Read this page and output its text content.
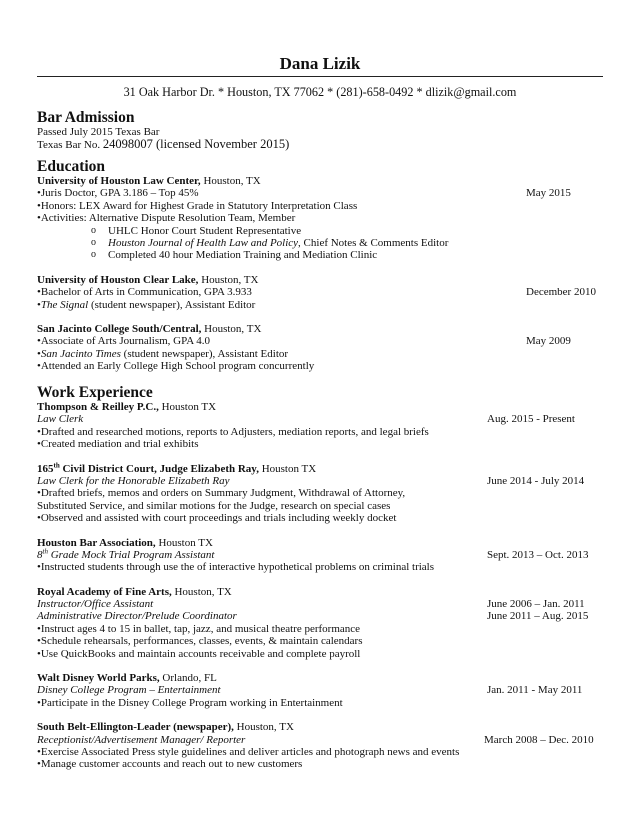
Dana Lizik
31 Oak Harbor Dr. * Houston, TX 77062 * (281)-658-0492 * dlizik@gmail.com
Bar Admission
Passed July 2015 Texas Bar
Texas Bar No. 24098007 (licensed November 2015)
Education
University of Houston Law Center, Houston, TX
•Juris Doctor, GPA 3.186 – Top 45%	May 2015
•Honors: LEX Award for Highest Grade in Statutory Interpretation Class
•Activities: Alternative Dispute Resolution Team, Member
o UHLC Honor Court Student Representative
o Houston Journal of Health Law and Policy, Chief Notes & Comments Editor
o Completed 40 hour Mediation Training and Mediation Clinic
University of Houston Clear Lake, Houston, TX
•Bachelor of Arts in Communication, GPA 3.933	December 2010
•The Signal (student newspaper), Assistant Editor
San Jacinto College South/Central, Houston, TX
•Associate of Arts Journalism, GPA 4.0	May 2009
•San Jacinto Times (student newspaper), Assistant Editor
•Attended an Early College High School program concurrently
Work Experience
Thompson & Reilley P.C., Houston TX
Law Clerk	Aug. 2015 - Present
•Drafted and researched motions, reports to Adjusters, mediation reports, and legal briefs
•Created mediation and trial exhibits
165th Civil District Court, Judge Elizabeth Ray, Houston TX
Law Clerk for the Honorable Elizabeth Ray	June 2014 - July 2014
•Drafted briefs, memos and orders on Summary Judgment, Withdrawal of Attorney,
Substituted Service, and similar motions for the Judge, research on special cases
•Observed and assisted with court proceedings and trials including weekly docket
Houston Bar Association, Houston TX
8th Grade Mock Trial Program Assistant	Sept. 2013 – Oct. 2013
•Instructed students through use the of interactive hypothetical problems on criminal trials
Royal Academy of Fine Arts, Houston, TX
Instructor/Office Assistant	June 2006 – Jan. 2011
Administrative Director/Prelude Coordinator	June 2011 – Aug. 2015
•Instruct ages 4 to 15 in ballet, tap, jazz, and musical theatre performance
•Schedule rehearsals, performances, classes, events, & maintain calendars
•Use QuickBooks and maintain accounts receivable and complete payroll
Walt Disney World Parks, Orlando, FL
Disney College Program – Entertainment	Jan. 2011 - May 2011
•Participate in the Disney College Program working in Entertainment
South Belt-Ellington-Leader (newspaper), Houston, TX
Receptionist/Advertisement Manager/ Reporter	March 2008 – Dec. 2010
•Exercise Associated Press style guidelines and deliver articles and photograph news and events
•Manage customer accounts and reach out to new customers
